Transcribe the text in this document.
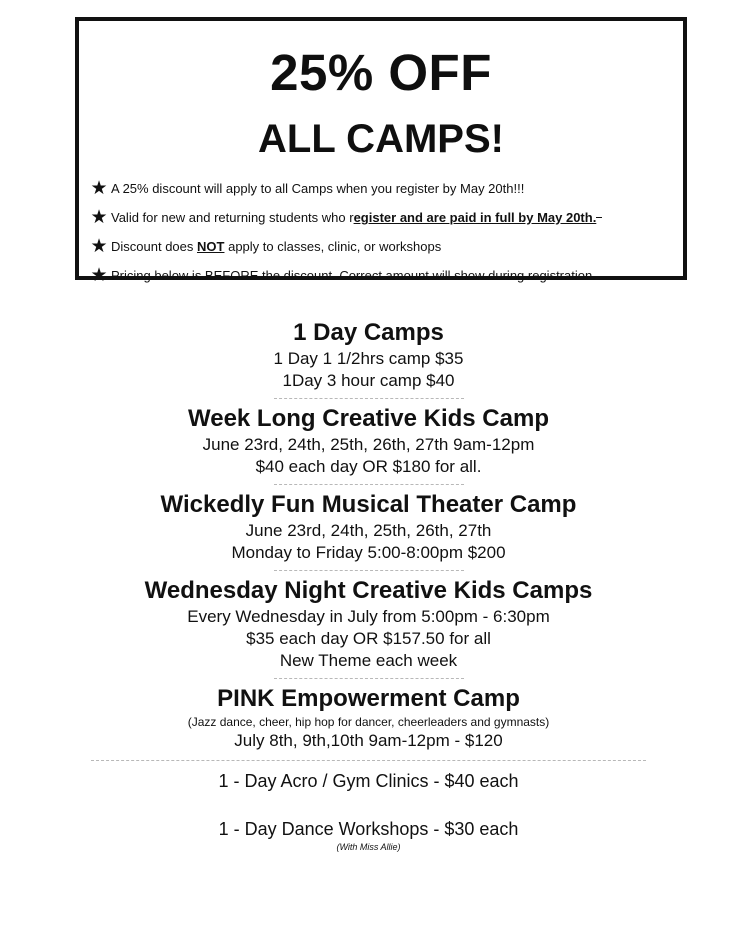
25% OFF
ALL CAMPS!
★ A 25% discount will apply to all Camps when you register by May 20th!!!
★ Valid for new and returning students who r egister and are paid in full by May 20th.
★ Discount does
NOT
apply to classes, clinic, or workshops
★ Pricing below is BEFORE the discount. Correct amount will show during registration.
1 Day Camps

1 Day 1 1/2hrs camp $35

1Day 3 hour camp $40

Week Long Creative Kids Camp

June 23rd, 24th, 25th, 26th, 27th 9am-12pm

$40 each day OR $180 for all.

Wickedly Fun Musical Theater Camp

June 23rd, 24th, 25th, 26th, 27th

Monday to Friday 5:00-8:00pm $200

Wednesday Night Creative Kids Camps

Every Wednesday in July from 5:00pm - 6:30pm

$35 each day OR $157.50 for all

New Theme each week

PINK Empowerment Camp

(Jazz dance, cheer, hip hop for dancer, cheerleaders and gymnasts)

July 8th, 9th,10th 9am-12pm - $120

1 - Day Acro / Gym Clinics - $40 each

1 - Day Dance Workshops - $30 each

(With Miss Allie)
